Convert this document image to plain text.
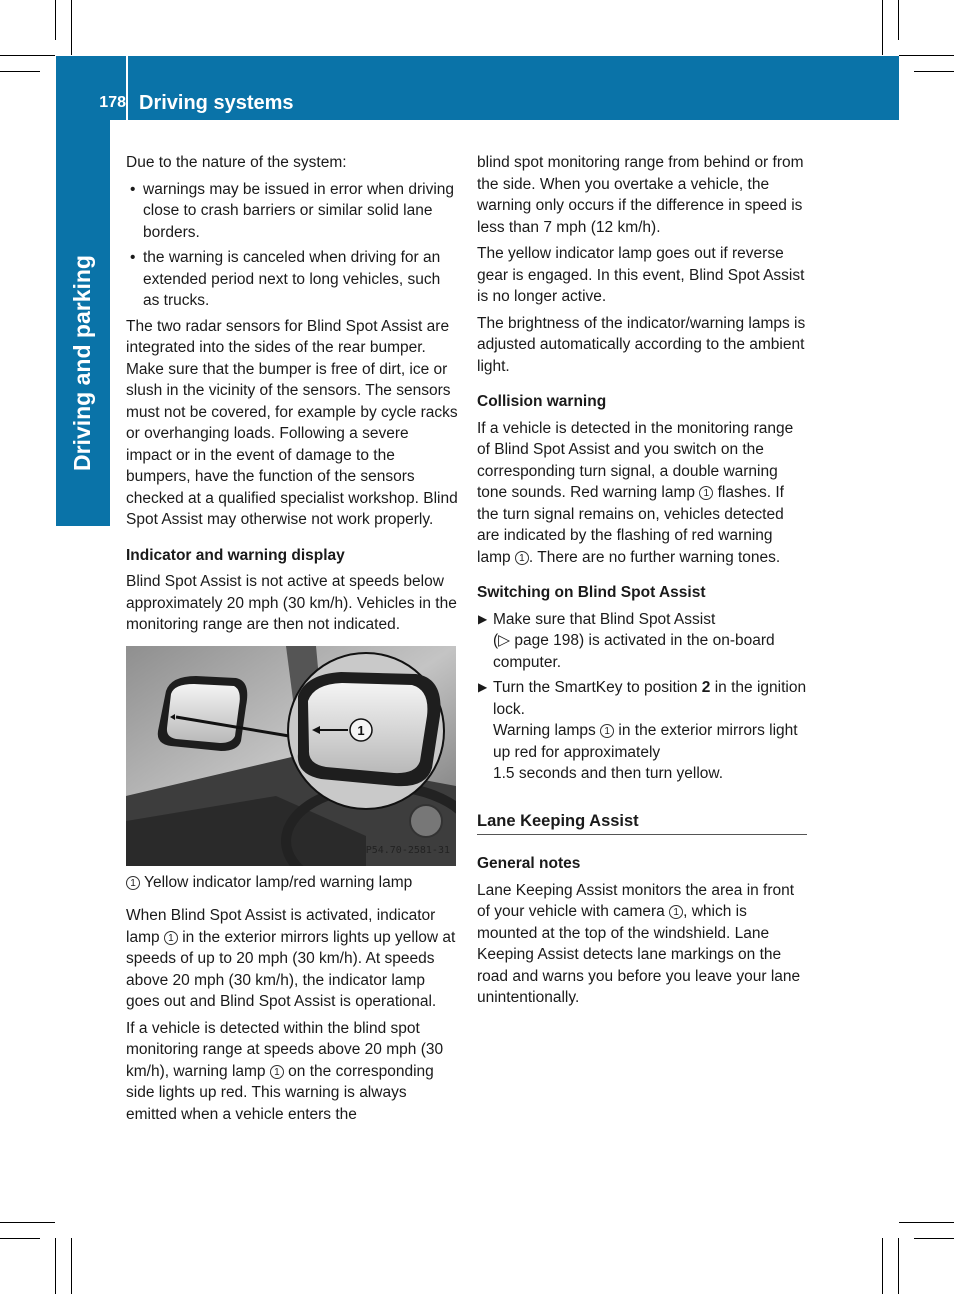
178 Driving systems
Driving and parking

Due to the nature of the system:

• warnings may be issued in error when driving close to crash barriers or similar solid lane borders.
• the warning is canceled when driving for an extended period next to long vehicles, such as trucks.

The two radar sensors for Blind Spot Assist are integrated into the sides of the rear bumper. Make sure that the bumper is free of dirt, ice or slush in the vicinity of the sensors. The sensors must not be covered, for example by cycle racks or overhanging loads. Following a severe impact or in the event of damage to the bumpers, have the function of the sensors checked at a qualified specialist workshop. Blind Spot Assist may otherwise not work properly.

Indicator and warning display

Blind Spot Assist is not active at speeds below approximately 20 mph (30 km/h). Vehicles in the monitoring range are then not indicated.

1
P54.70-2581-31
1 Yellow indicator lamp/red warning lamp

When Blind Spot Assist is activated, indicator lamp 1 in the exterior mirrors lights up yellow at speeds of up to 20 mph (30 km/h). At speeds above 20 mph (30 km/h), the indicator lamp goes out and Blind Spot Assist is operational.

If a vehicle is detected within the blind spot monitoring range at speeds above 20 mph (30 km/h), warning lamp 1 on the corresponding side lights up red. This warning is always emitted when a vehicle enters the

blind spot monitoring range from behind or from the side. When you overtake a vehicle, the warning only occurs if the difference in speed is less than 7 mph (12 km/h).

The yellow indicator lamp goes out if reverse gear is engaged. In this event, Blind Spot Assist is no longer active.

The brightness of the indicator/warning lamps is adjusted automatically according to the ambient light.

Collision warning

If a vehicle is detected in the monitoring range of Blind Spot Assist and you switch on the corresponding turn signal, a double warning tone sounds. Red warning lamp 1 flashes. If the turn signal remains on, vehicles detected are indicated by the flashing of red warning lamp 1 . There are no further warning tones.

Switching on Blind Spot Assist
▶ Make sure that Blind Spot Assist
(▷ page 198) is activated in the on-board computer.
▶ Turn the SmartKey to position 2 in the ignition lock.
Warning lamps 1 in the exterior mirrors light up red for approximately
1.5 seconds and then turn yellow.
Lane Keeping Assist
General notes

Lane Keeping Assist monitors the area in front of your vehicle with camera 1 , which is mounted at the top of the windshield. Lane Keeping Assist detects lane markings on the road and warns you before you leave your lane unintentionally.
